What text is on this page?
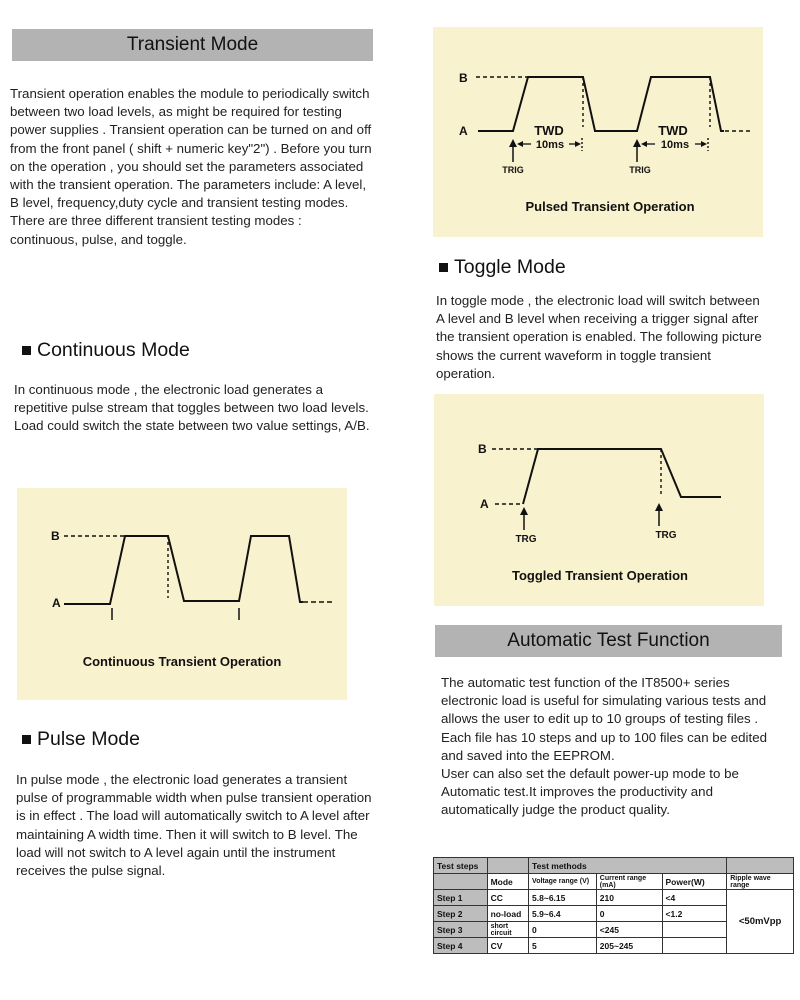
Transient Mode

Transient operation enables the module to periodically switch between two load levels, as might be required for testing power supplies . Transient operation can be turned on and off from the front panel ( shift + numeric key"2") . Before you turn on the operation , you should set the parameters associated with the transient operation. The parameters include: A level, B level, frequency,duty cycle and transient testing modes. There are three different transient testing modes : continuous, pulse, and toggle.

Continuous Mode

In continuous mode , the electronic load generates a repetitive pulse stream that toggles between two load levels. Load could switch the state between two value settings, A/B.

B
A
Continuous Transient Operation
Pulse Mode

In pulse mode , the electronic load generates a transient pulse of programmable width when pulse transient operation is in effect . The load will automatically switch to A level after maintaining A width time. Then it will switch to B level. The load will not switch to A level again until the instrument receives the pulse signal.

B
A	TWD	TWD
10ms	10ms
TRIG	TRIG
Pulsed Transient Operation
Toggle Mode

In toggle mode , the electronic load will switch between A level and B level when receiving a trigger signal after the transient operation is enabled. The following picture shows the current waveform in toggle transient operation.

B
A
TRG	TRG
Toggled Transient Operation
Automatic Test Function

The automatic test function of the IT8500+ series electronic load is useful for simulating various tests and allows the user to edit up to 10 groups of testing files . Each file has 10 steps and up to 100 files can be edited and saved into the EEPROM.

User can also set the default power-up mode to be Automatic test.It improves the productivity and automatically judge the product quality.

Test steps		Test methods			
	Mode	Voltage range (V)	Current range (mA)	Power(W)	Ripple wave range
Step 1	CC	5.8~6.15	210	<4	<50mVpp
Step 2	no-load	5.9~6.4	0	<1.2	
Step 3	short circuit	0	<245		
Step 4	CV	5	205~245		
